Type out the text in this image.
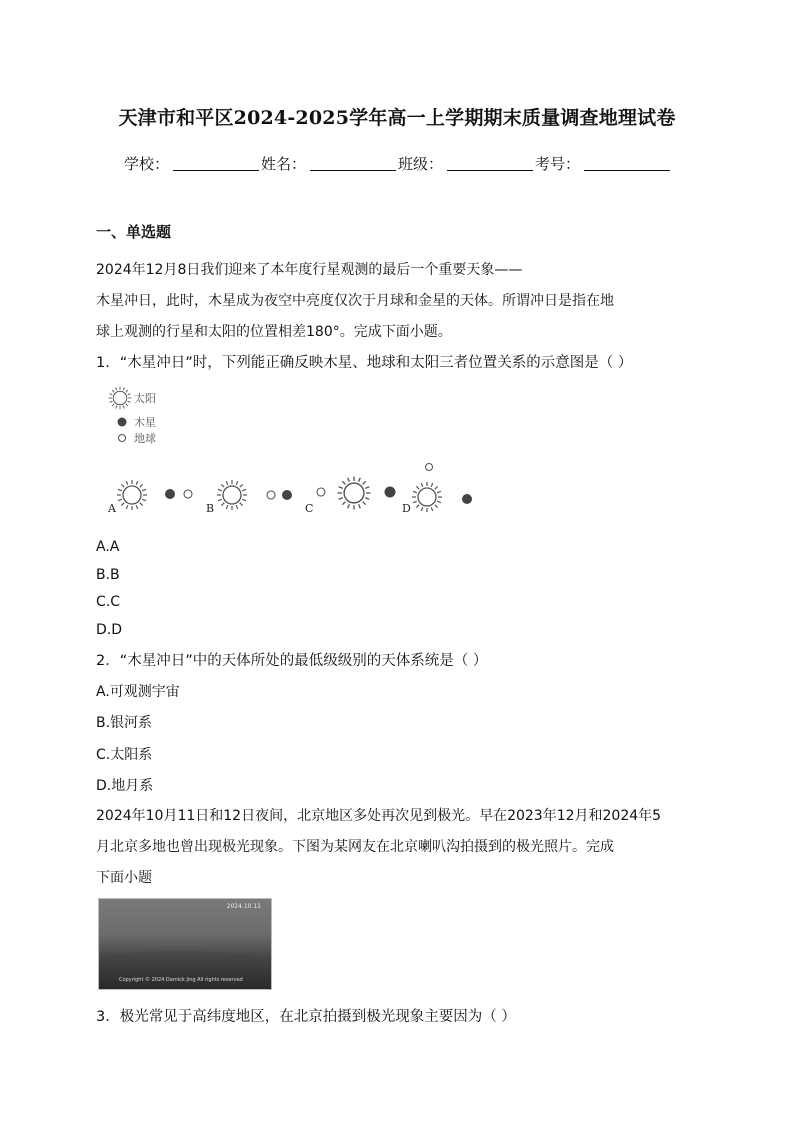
天津市和平区2024-2025学年高一上学期期末质量调查地理试卷
学校：	姓名：	班级：	考号：
一、单选题
2024年12月8日我们迎来了本年度行星观测的最后一个重要天象——
木星冲日，此时，木星成为夜空中亮度仅次于月球和金星的天体。所谓冲日是指在地
球上观测的行星和太阳的位置相差180°。完成下面小题。
1．“木星冲日”时，下列能正确反映木星、地球和太阳三者位置关系的示意图是（ ）
太阳
木星
地球
A	B	C	D
A.A
B.B
C.C
D.D
2．“木星冲日”中的天体所处的最低级级别的天体系统是（ ）
A.可观测宇宙
B.银河系
C.太阳系
D.地月系
2024年10月11日和12日夜间，北京地区多处再次见到极光。早在2023年12月和2024年5
月北京多地也曾出现极光现象。下图为某网友在北京喇叭沟拍摄到的极光照片。完成
下面小题
2024.10.11
Copyright © 2024 Damick Jing All rights reserved
3．极光常见于高纬度地区，在北京拍摄到极光现象主要因为（ ）
